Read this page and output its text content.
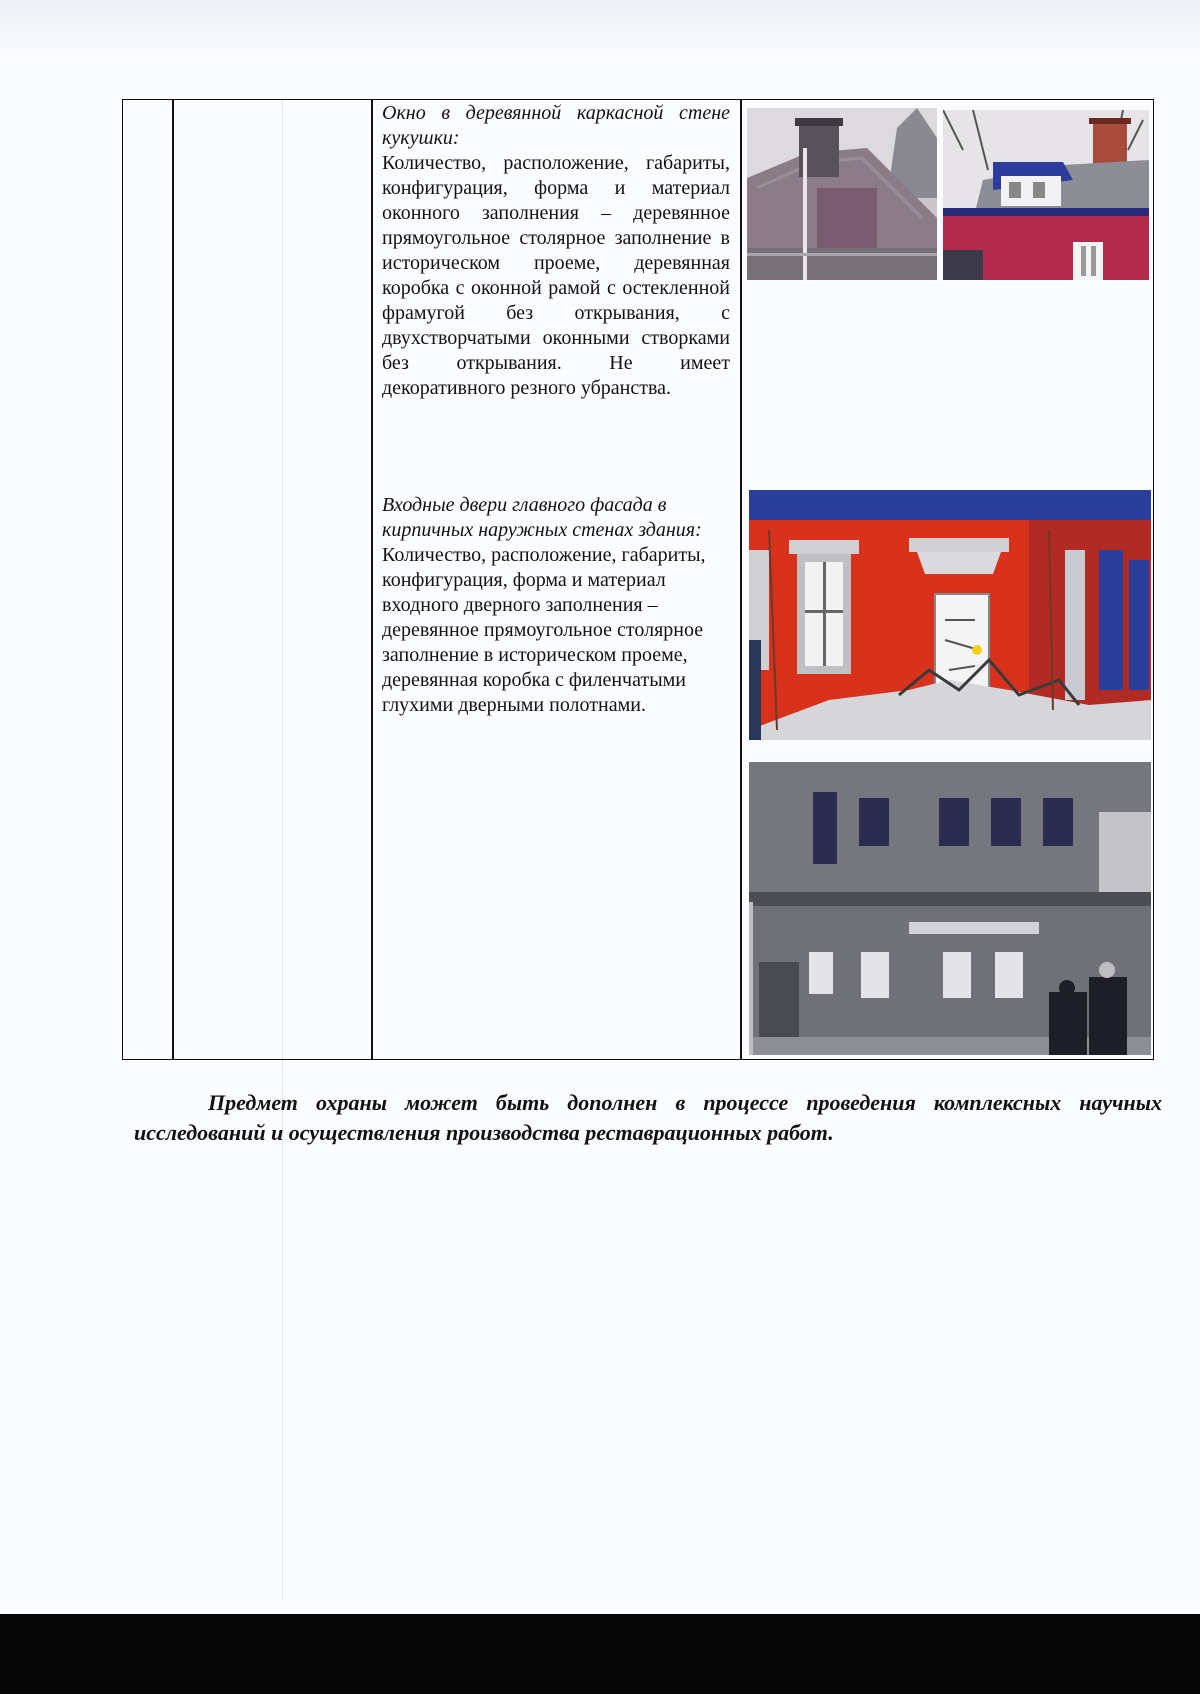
Окно в деревянной каркасной стене кукушки:
Количество, расположение, габариты, конфигурация, форма и материал оконного заполнения – деревянное прямоугольное столярное заполнение в историческом проеме, деревянная коробка с оконной рамой с остекленной фрамугой без открывания, с двухстворчатыми оконными створками без открывания. Не имеет декоративного резного убранства.
Входные двери главного фасада в кирпичных наружных стенах здания:
Количество, расположение, габариты, конфигурация, форма и материал входного дверного заполнения – деревянное прямоугольное столярное заполнение в историческом проеме, деревянная коробка с филенчатыми глухими дверными полотнами.
Предмет охраны может быть дополнен в процессе проведения комплексных научных исследований и осуществления производства реставрационных работ.
